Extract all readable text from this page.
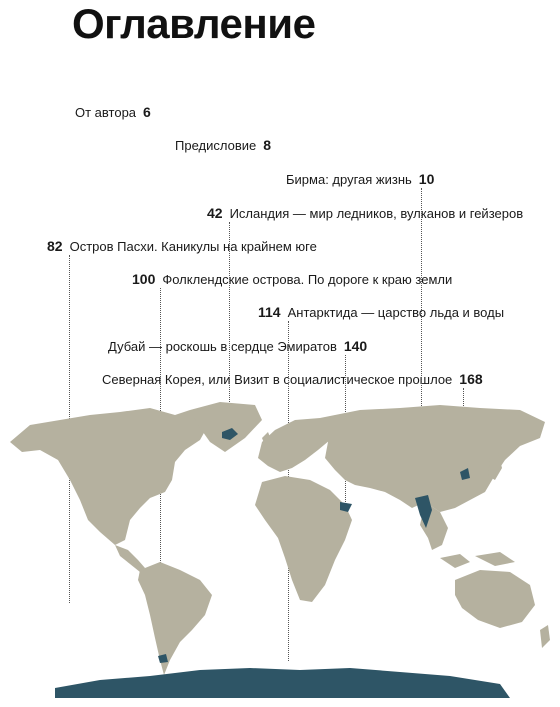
Оглавление
От автора 6
Предисловие 8
Бирма: другая жизнь 10
42 Исландия — мир ледников, вулканов и гейзеров
82 Остров Пасхи. Каникулы на крайнем юге
100 Фолклендские острова. По дороге к краю земли
114 Антарктида — царство льда и воды
Дубай — роскошь в сердце Эмиратов 140
Северная Корея, или Визит в социалистическое прошлое 168
